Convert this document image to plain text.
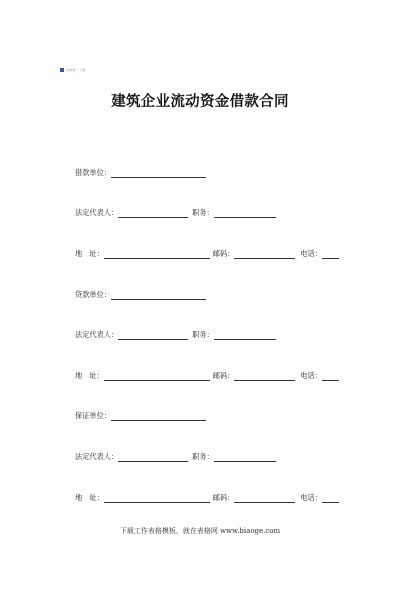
表格网 · 下载
建筑企业流动资金借款合同
借款单位：
法定代表人：	职务：
地　址：	邮码：	电话：
贷款单位：
法定代表人：	职务：
地　址：	邮码：	电话：
保证单位：
法定代表人：	职务：
地　址：	邮码：	电话：
下载工作表格模板，就在表格网 www.biaoge.com
